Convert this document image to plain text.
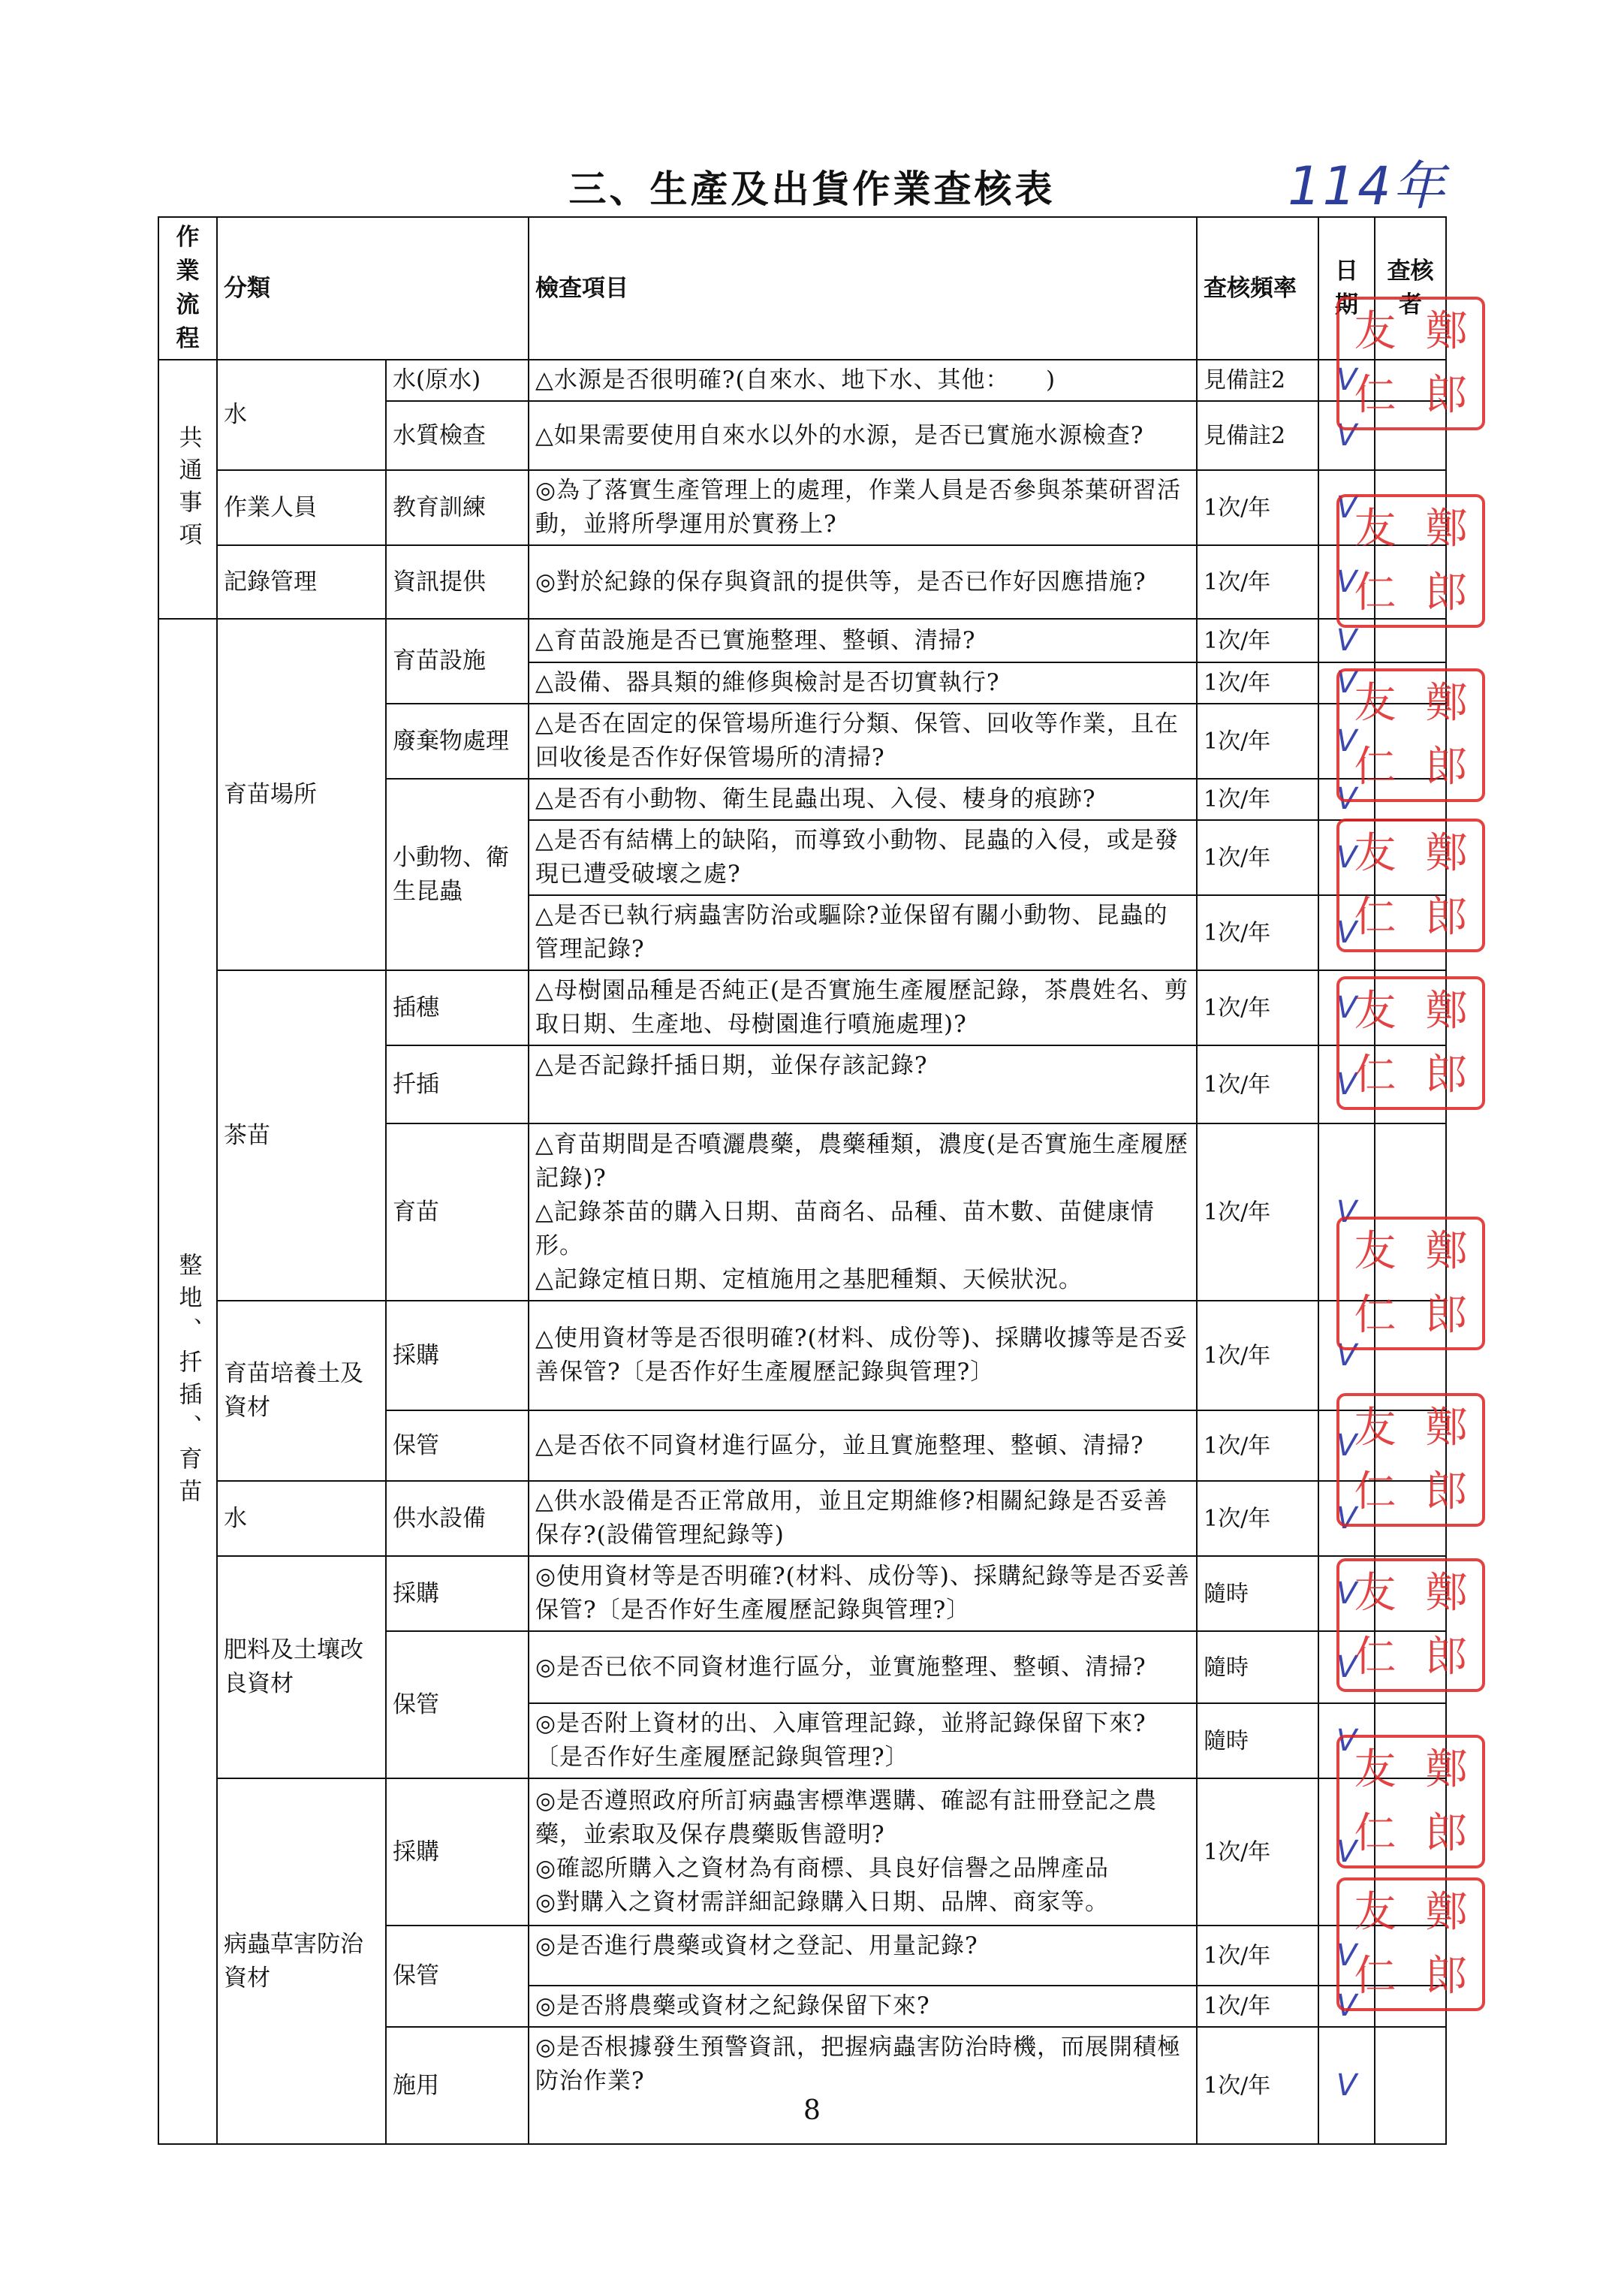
三、生產及出貨作業查核表	114年
作業流程	分類		檢查項目	查核頻率	日期	查核者

共通事項	水	水(原水)	△水源是否很明確?(自來水、地下水、其他：　　)	見備註2	V	

		水質檢查	△如果需要使用自來水以外的水源，是否已實施水源檢查?	見備註2	V	

	作業人員	教育訓練	◎為了落實生產管理上的處理，作業人員是否參與茶葉研習活動，並將所學運用於實務上?	1次/年	V	

	記錄管理	資訊提供	◎對於紀錄的保存與資訊的提供等，是否已作好因應措施?	1次/年	V	

整地、扦插、育苗	育苗場所	育苗設施	△育苗設施是否已實施整理、整頓、清掃?	1次/年	V	

			△設備、器具類的維修與檢討是否切實執行?	1次/年	V	

		廢棄物處理	△是否在固定的保管場所進行分類、保管、回收等作業，且在回收後是否作好保管場所的清掃?	1次/年	V	

		小動物、衛生昆蟲	△是否有小動物、衛生昆蟲出現、入侵、棲身的痕跡?	1次/年	V	

			△是否有結構上的缺陷，而導致小動物、昆蟲的入侵，或是發現已遭受破壞之處?	1次/年	V	

			△是否已執行病蟲害防治或驅除?並保留有關小動物、昆蟲的管理記錄?	1次/年	V	

	茶苗	插穗	△母樹園品種是否純正(是否實施生產履歷記錄，茶農姓名、剪取日期、生產地、母樹園進行噴施處理)?	1次/年	V	

		扦插	△是否記錄扦插日期，並保存該記錄?	1次/年	V	

		育苗	△育苗期間是否噴灑農藥，農藥種類，濃度(是否實施生產履歷記錄)?
△記錄茶苗的購入日期、苗商名、品種、苗木數、苗健康情形。
△記錄定植日期、定植施用之基肥種類、天候狀況。	1次/年	V	

	育苗培養土及資材	採購	△使用資材等是否很明確?(材料、成份等)、採購收據等是否妥善保管?〔是否作好生產履歷記錄與管理?〕	1次/年	V	

		保管	△是否依不同資材進行區分，並且實施整理、整頓、清掃?	1次/年	V	

	水	供水設備	△供水設備是否正常啟用，並且定期維修?相關紀錄是否妥善保存?(設備管理紀錄等)	1次/年	V	

	肥料及土壤改良資材	採購	◎使用資材等是否明確?(材料、成份等)、採購紀錄等是否妥善保管?〔是否作好生產履歷記錄與管理?〕	隨時	V	

		保管	◎是否已依不同資材進行區分，並實施整理、整頓、清掃?	隨時	V	

			◎是否附上資材的出、入庫管理記錄，並將記錄保留下來?〔是否作好生產履歷記錄與管理?〕	隨時	V	

	病蟲草害防治資材	採購	◎是否遵照政府所訂病蟲害標準選購、確認有註冊登記之農藥，並索取及保存農藥販售證明?
◎確認所購入之資材為有商標、具良好信譽之品牌產品
◎對購入之資材需詳細記錄購入日期、品牌、商家等。	1次/年	V	

		保管	◎是否進行農藥或資材之登記、用量記錄?	1次/年	V	

			◎是否將農藥或資材之紀錄保留下來?	1次/年	V	

		施用	◎是否根據發生預警資訊，把握病蟲害防治時機，而展開積極防治作業?	1次/年	V	

友 鄭
仁 郎
友 鄭
仁 郎
友 鄭
仁 郎
友 鄭
仁 郎
友 鄭
仁 郎
友 鄭
仁 郎
友 鄭
仁 郎
友 鄭
仁 郎
友 鄭
仁 郎
友 鄭
仁 郎
8
